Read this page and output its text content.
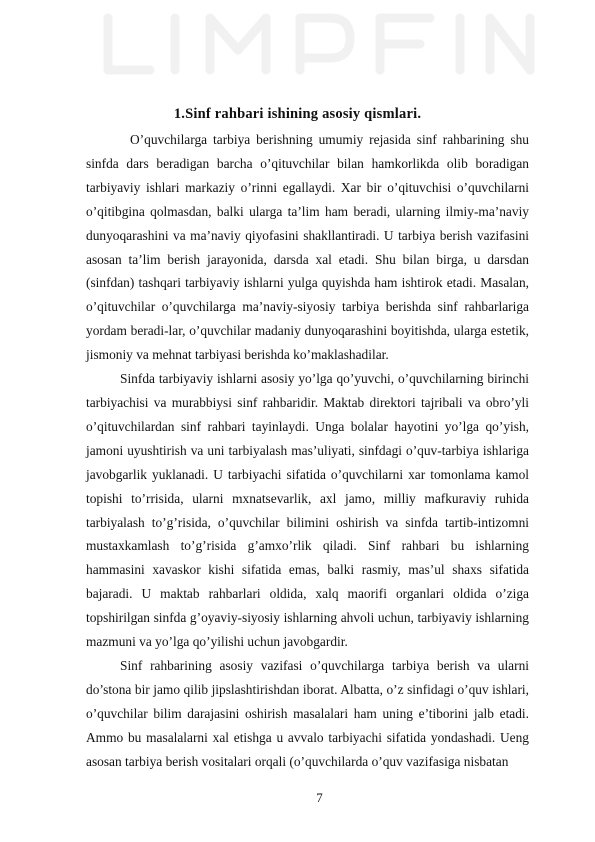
1.Sinf rahbari ishining asosiy qismlari.

O’quvchilarga tarbiya berishning umumiy rejasida sinf rahbarining shu sinfda dars beradigan barcha o’qituvchilar bilan hamkorlikda olib boradigan tarbiyaviy ishlari markaziy o’rinni egallaydi. Xar bir o’qituvchisi o’quvchilarni o’qitibgina qolmasdan, balki ularga ta’lim ham beradi, ularning ilmiy-ma’naviy dunyoqarashini va ma’naviy qiyofasini shakllantiradi. U tarbiya berish vazifasini asosan ta’lim berish jarayonida, darsda xal etadi. Shu bilan birga, u darsdan (sinfdan) tashqari tarbiyaviy ishlarni yulga quyishda ham ishtirok etadi. Masalan, o’qituvchilar o’quvchilarga ma’naviy-siyosiy tarbiya berishda sinf rahbarlariga yordam beradi-lar, o’quvchilar madaniy dunyoqarashini boyitishda, ularga estetik, jismoniy va mehnat tarbiyasi berishda ko’maklashadilar.

Sinfda tarbiyaviy ishlarni asosiy yo’lga qo’yuvchi, o’quvchilarning birinchi tarbiyachisi va murabbiysi sinf rahbaridir. Maktab direktori tajribali va obro’yli o’qituvchilardan sinf rahbari tayinlaydi. Unga bolalar hayotini yo’lga qo’yish, jamoni uyushtirish va uni tarbiyalash mas’uliyati, sinfdagi o’quv-tarbiya ishlariga javobgarlik yuklanadi. U tarbiyachi sifatida o’quvchilarni xar tomonlama kamol topishi to’rrisida, ularni mxnatsevarlik, axl jamo, milliy mafkuraviy ruhida tarbiyalash to’g’risida, o’quvchilar bilimini oshirish va sinfda tartib-intizomni mustaxkamlash to’g’risida g’amxo’rlik qiladi. Sinf rahbari bu ishlarning hammasini xavaskor kishi sifatida emas, balki rasmiy, mas’ul shaxs sifatida bajaradi. U maktab rahbarlari oldida, xalq maorifi organlari oldida o’ziga topshirilgan sinfda g’oyaviy-siyosiy ishlarning ahvoli uchun, tarbiyaviy ishlarning mazmuni va yo’lga qo’yilishi uchun javobgardir.

Sinf rahbarining asosiy vazifasi o’quvchilarga tarbiya berish va ularni do’stona bir jamo qilib jipslashtirishdan iborat. Albatta, o’z sinfidagi o’quv ishlari, o’quvchilar bilim darajasini oshirish masalalari ham uning e’tiborini jalb etadi. Ammo bu masalalarni xal etishga u avvalo tarbiyachi sifatida yondashadi. Ueng asosan tarbiya berish vositalari orqali (o’quvchilarda o’quv vazifasiga nisbatan

7
